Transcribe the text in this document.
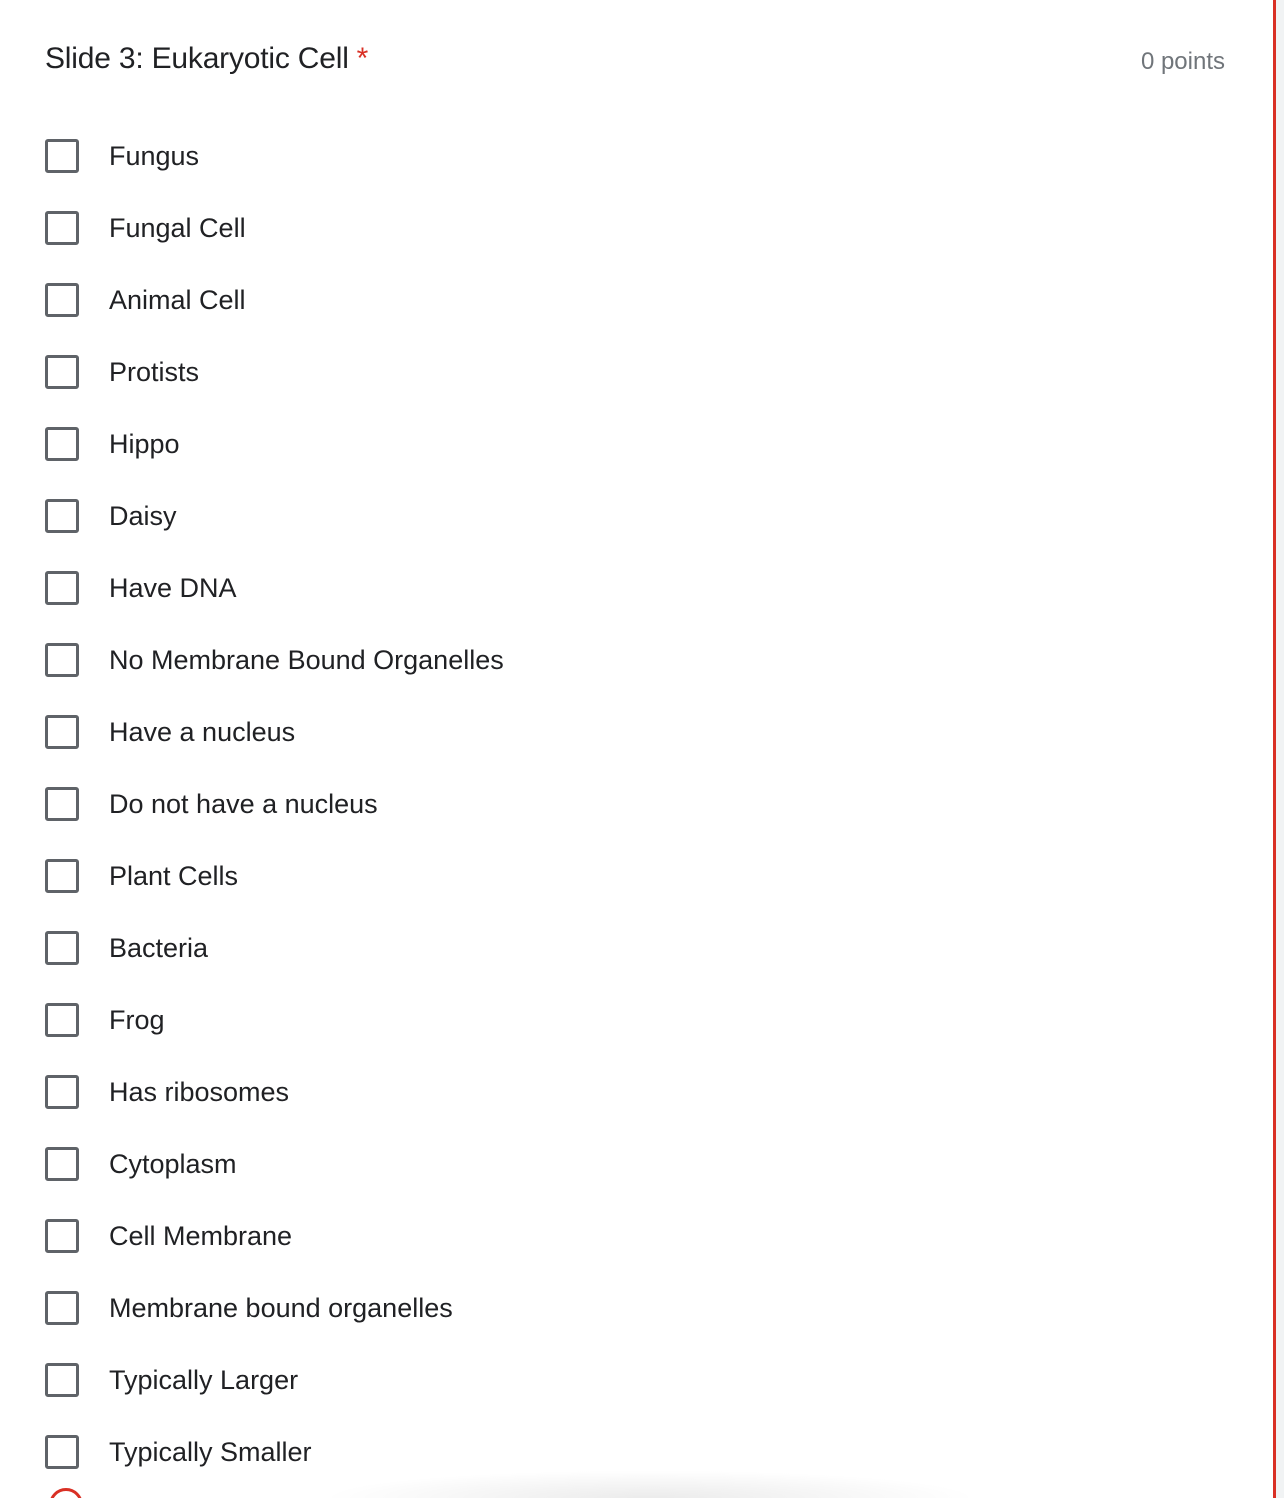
Slide 3: Eukaryotic Cell *	0 points
Fungus
Fungal Cell
Animal Cell
Protists
Hippo
Daisy
Have DNA
No Membrane Bound Organelles
Have a nucleus
Do not have a nucleus
Plant Cells
Bacteria
Frog
Has ribosomes
Cytoplasm
Cell Membrane
Membrane bound organelles
Typically Larger
Typically Smaller
